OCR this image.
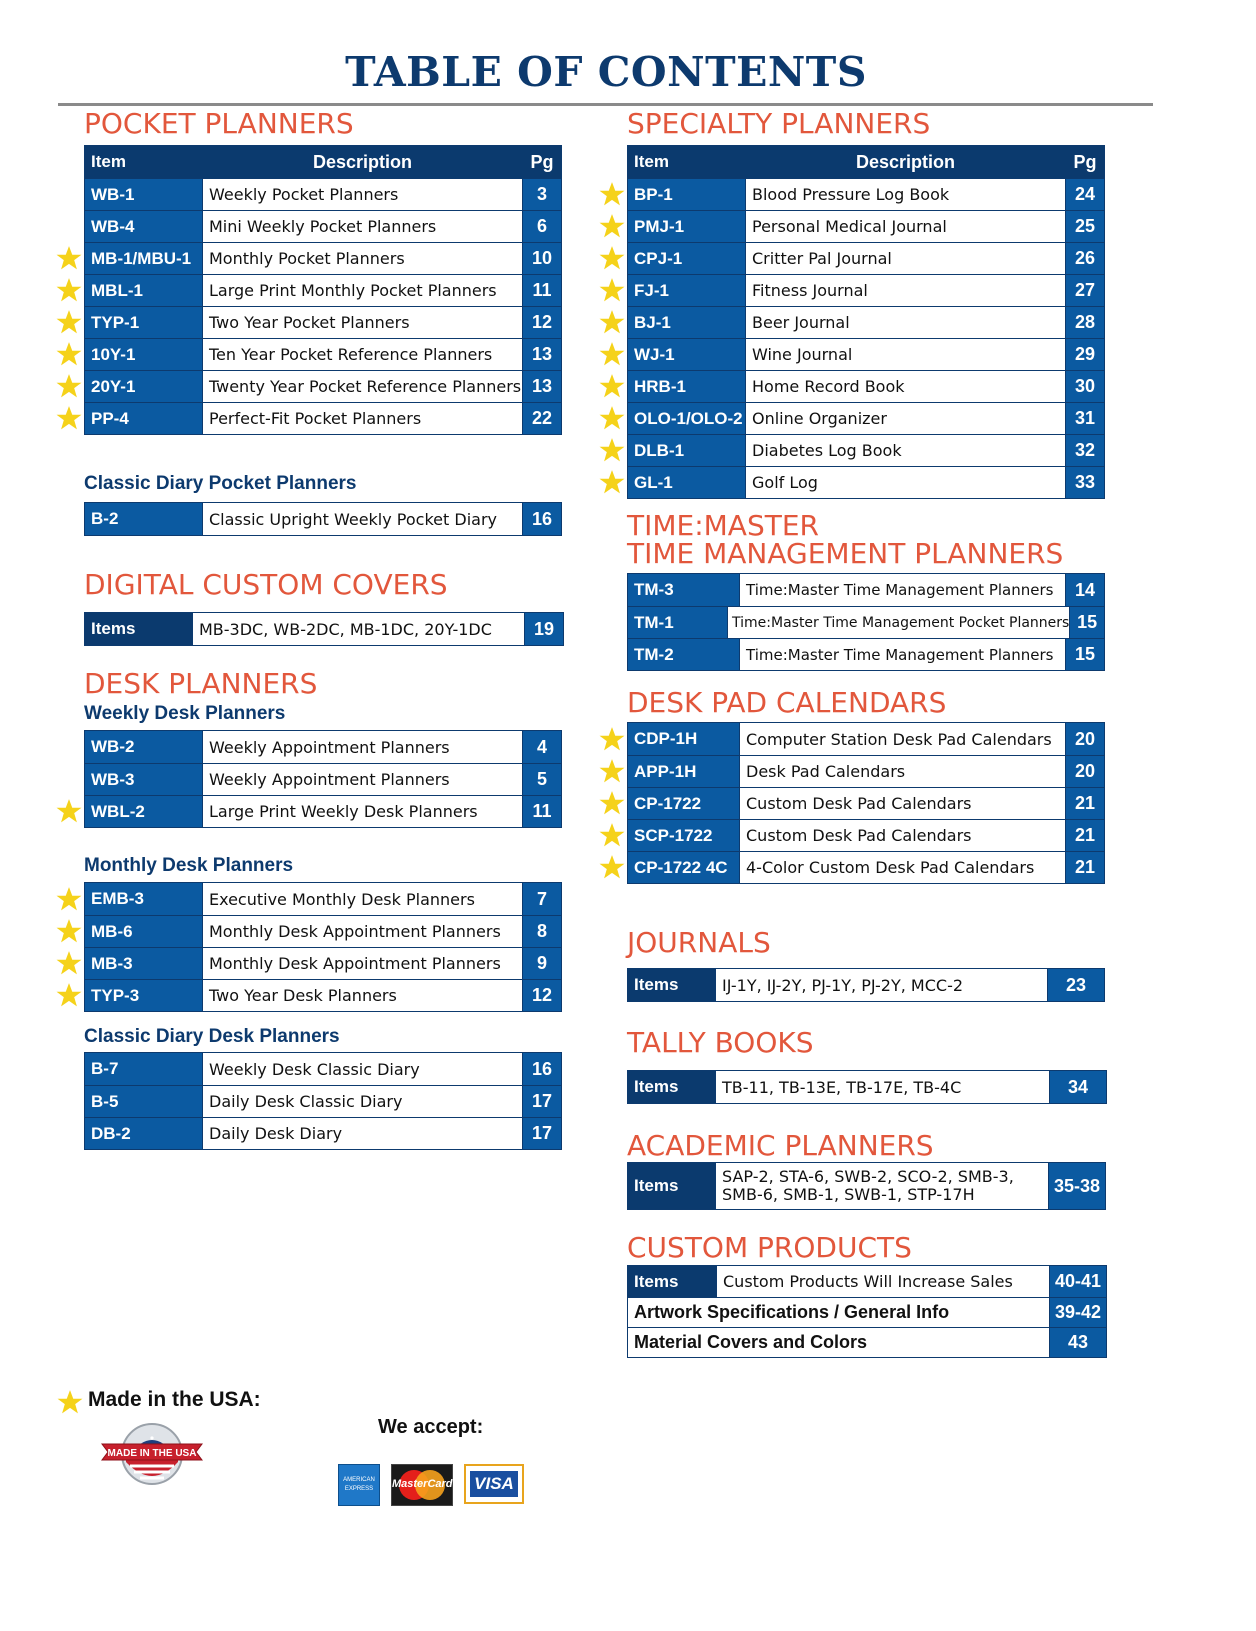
TABLE OF CONTENTS
POCKET PLANNERS
Item	Description	Pg
WB-1	Weekly Pocket Planners	3
WB-4	Mini Weekly Pocket Planners	6
MB-1/MBU-1	Monthly Pocket Planners	10
MBL-1	Large Print Monthly Pocket Planners	11
TYP-1	Two Year Pocket Planners	12
10Y-1	Ten Year Pocket Reference Planners	13
20Y-1	Twenty Year Pocket Reference Planners 13
PP-4	Perfect-Fit Pocket Planners	22
Classic Diary Pocket Planners
B-2	Classic Upright Weekly Pocket Diary	16
DIGITAL CUSTOM COVERS
Items	MB-3DC, WB-2DC, MB-1DC, 20Y-1DC	19
DESK PLANNERS
Weekly Desk Planners
WB-2	Weekly Appointment Planners	4
WB-3	Weekly Appointment Planners	5
WBL-2	Large Print Weekly Desk Planners	11
Monthly Desk Planners
EMB-3	Executive Monthly Desk Planners	7
MB-6	Monthly Desk Appointment Planners	8
MB-3	Monthly Desk Appointment Planners	9
TYP-3	Two Year Desk Planners	12
Classic Diary Desk Planners
B-7	Weekly Desk Classic Diary	16
B-5	Daily Desk Classic Diary	17
DB-2	Daily Desk Diary	17
SPECIALTY PLANNERS
Item	Description	Pg
BP-1	Blood Pressure Log Book	24
PMJ-1	Personal Medical Journal	25
CPJ-1	Critter Pal Journal	26
FJ-1	Fitness Journal	27
BJ-1	Beer Journal	28
WJ-1	Wine Journal	29
HRB-1	Home Record Book	30
OLO-1/OLO-2 Online Organizer	31
DLB-1	Diabetes Log Book	32
GL-1	Golf Log	33
TIME:MASTER
TIME MANAGEMENT PLANNERS
TM-3	Time:Master Time Management Planners	14
TM-1	Time:Master Time Management Pocket Planners 15
TM-2	Time:Master Time Management Planners	15
DESK PAD CALENDARS
CDP-1H	Computer Station Desk Pad Calendars	20
APP-1H	Desk Pad Calendars	20
CP-1722	Custom Desk Pad Calendars	21
SCP-1722	Custom Desk Pad Calendars	21
CP-1722 4C	4-Color Custom Desk Pad Calendars	21
JOURNALS
Items	IJ-1Y, IJ-2Y, PJ-1Y, PJ-2Y, MCC-2	23
TALLY BOOKS
Items	TB-11, TB-13E, TB-17E, TB-4C	34
ACADEMIC PLANNERS
Items	SAP-2, STA-6, SWB-2, SCO-2, SMB-3, SMB-6, SMB-1, SWB-1, STP-17H	35-38
CUSTOM PRODUCTS
Items	Custom Products Will Increase Sales	40-41
Artwork Specifications / General Info	39-42
Material Covers and Colors	43
Made in the USA:
MADE IN THE USA
We accept:
AMERICAN EXPRESS	MasterCard VISA
